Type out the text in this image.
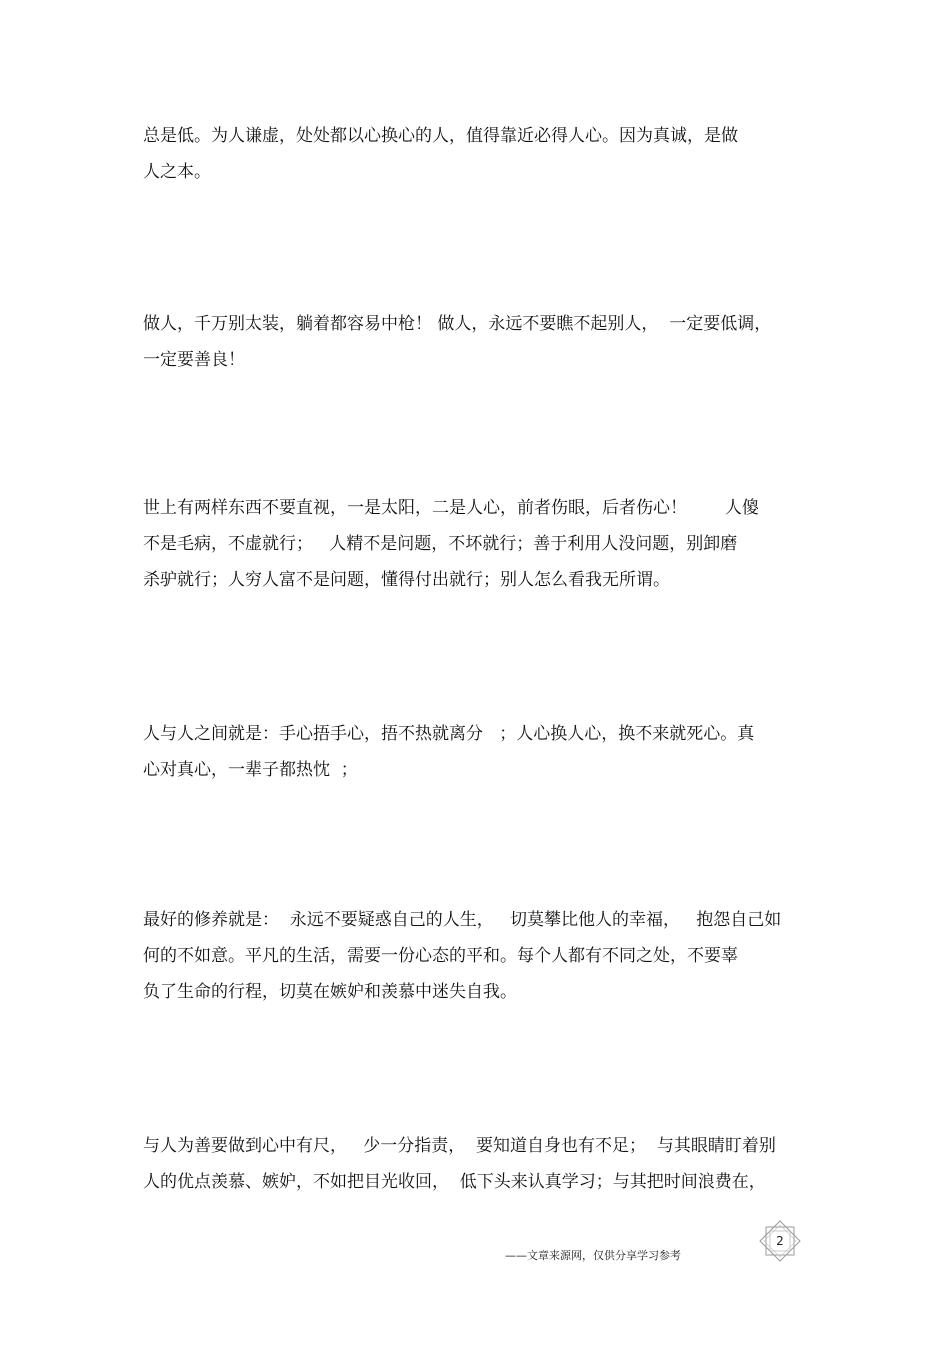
总是低。为人谦虚，处处都以心换心的人，值得靠近必得人心。因为真诚，是做
人之本。
做人，千万别太装，躺着都容易中枪！ 做人，永远不要瞧不起别人，  一定要低调，
一定要善良！
世上有两样东西不要直视，一是太阳，二是人心，前者伤眼，后者伤心！       人傻
不是毛病，不虚就行；   人精不是问题，不坏就行；善于利用人没问题，别卸磨
杀驴就行；人穷人富不是问题，懂得付出就行；别人怎么看我无所谓。
人与人之间就是：手心捂手心，捂不热就离分   ；人心换人心，换不来就死心。真
心对真心，一辈子都热忱  ；
最好的修养就是：  永远不要疑惑自己的人生，   切莫攀比他人的幸福，   抱怨自己如
何的不如意。平凡的生活，需要一份心态的平和。每个人都有不同之处，不要辜
负了生命的行程，切莫在嫉妒和羡慕中迷失自我。
与人为善要做到心中有尺，   少一分指责，  要知道自身也有不足；  与其眼睛盯着别
人的优点羡慕、嫉妒，不如把目光收回，  低下头来认真学习；与其把时间浪费在，
——文章来源网，仅供分享学习参考
2
